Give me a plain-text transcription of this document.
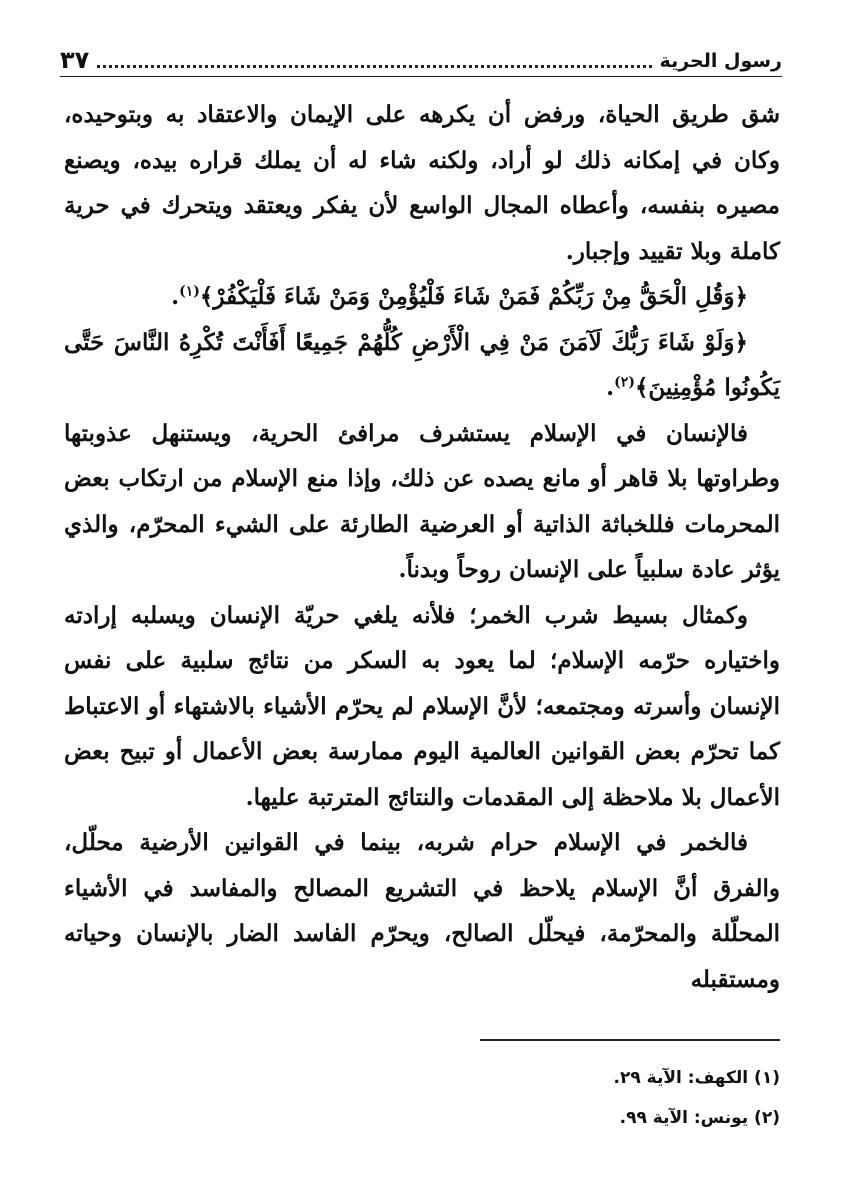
رسول الحرية
٣٧

شق طريق الحياة، ورفض أن يكرهه على الإيمان والاعتقاد به وبتوحيده، وكان في إمكانه ذلك لو أراد، ولكنه شاء له أن يملك قراره بيده، ويصنع مصيره بنفسه، وأعطاه المجال الواسع لأن يفكر ويعتقد ويتحرك في حرية كاملة وبلا تقييد وإجبار.

﴿وَقُلِ الْحَقُّ مِنْ رَبِّكُمْ فَمَنْ شَاءَ فَلْيُؤْمِنْ وَمَنْ شَاءَ فَلْيَكْفُرْ﴾$^{(١)}$.

﴿وَلَوْ شَاءَ رَبُّكَ لَآمَنَ مَنْ فِي الْأَرْضِ كُلُّهُمْ جَمِيعًا أَفَأَنْتَ تُكْرِهُ النَّاسَ حَتَّى يَكُونُوا مُؤْمِنِينَ﴾$^{(٢)}$.

فالإنسان في الإسلام يستشرف مرافئ الحرية، ويستنهل عذوبتها وطراوتها بلا قاهر أو مانع يصده عن ذلك، وإذا منع الإسلام من ارتكاب بعض المحرمات فللخباثة الذاتية أو العرضية الطارئة على الشيء المحرّم، والذي يؤثر عادة سلبياً على الإنسان روحاً وبدناً.

وكمثال بسيط شرب الخمر؛ فلأنه يلغي حريّة الإنسان ويسلبه إرادته واختياره حرّمه الإسلام؛ لما يعود به السكر من نتائج سلبية على نفس الإنسان وأسرته ومجتمعه؛ لأنَّ الإسلام لم يحرّم الأشياء بالاشتهاء أو الاعتباط كما تحرّم بعض القوانين العالمية اليوم ممارسة بعض الأعمال أو تبيح بعض الأعمال بلا ملاحظة إلى المقدمات والنتائج المترتبة عليها.

فالخمر في الإسلام حرام شربه، بينما في القوانين الأرضية محلّل، والفرق أنَّ الإسلام يلاحظ في التشريع المصالح والمفاسد في الأشياء المحلّلة والمحرّمة، فيحلّل الصالح، ويحرّم الفاسد الضار بالإنسان وحياته ومستقبله

(١) الكهف: الآية ٢٩.
(٢) يونس: الآية ٩٩.
